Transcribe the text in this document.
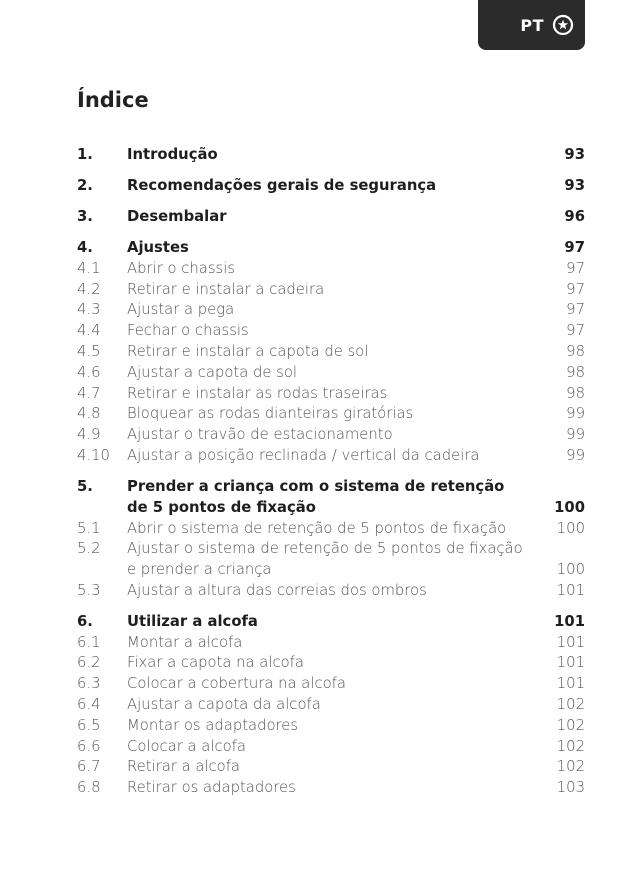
PT
Índice
1.	Introdução	93
2.	Recomendações gerais de segurança	93
3.	Desembalar	96
4.	Ajustes	97
4.1	Abrir o chassis	97
4.2	Retirar e instalar a cadeira	97
4.3	Ajustar a pega	97
4.4	Fechar o chassis	97
4.5	Retirar e instalar a capota de sol	98
4.6	Ajustar a capota de sol	98
4.7	Retirar e instalar as rodas traseiras	98
4.8	Bloquear as rodas dianteiras giratórias	99
4.9	Ajustar o travão de estacionamento	99
4.10	Ajustar a posição reclinada / vertical da cadeira	99
5.	Prender a criança com o sistema de retenção
de 5 pontos de fixação	100
5.1	Abrir o sistema de retenção de 5 pontos de fixação	100
5.2	Ajustar o sistema de retenção de 5 pontos de fixação
e prender a criança	100
5.3	Ajustar a altura das correias dos ombros	101
6.	Utilizar a alcofa	101
6.1	Montar a alcofa	101
6.2	Fixar a capota na alcofa	101
6.3	Colocar a cobertura na alcofa	101
6.4	Ajustar a capota da alcofa	102
6.5	Montar os adaptadores	102
6.6	Colocar a alcofa	102
6.7	Retirar a alcofa	102
6.8	Retirar os adaptadores	103
